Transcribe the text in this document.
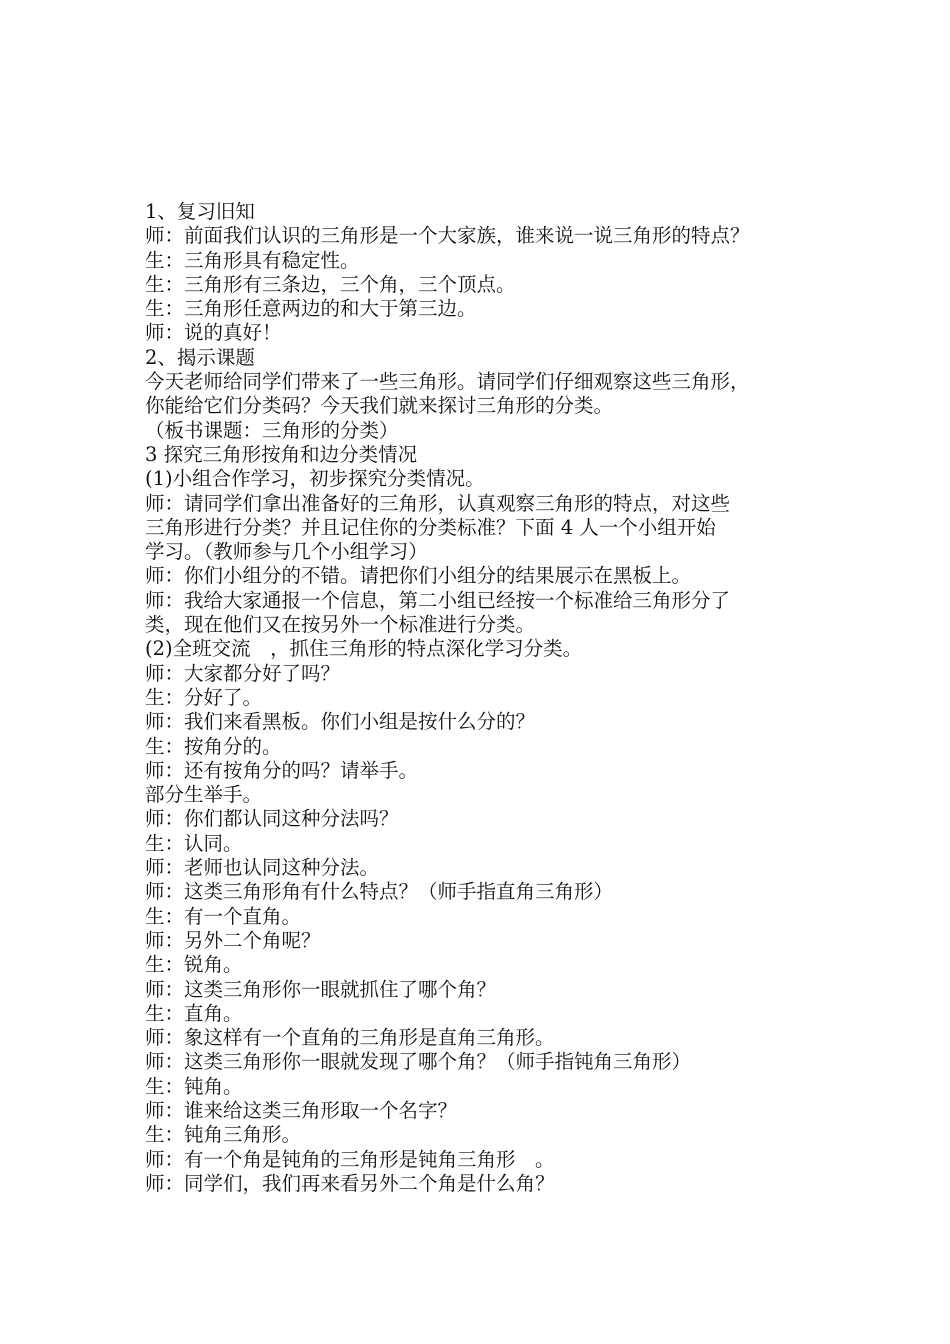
1、复习旧知
师：前面我们认识的三角形是一个大家族，谁来说一说三角形的特点？
生：三角形具有稳定性。
生：三角形有三条边，三个角，三个顶点。
生：三角形任意两边的和大于第三边。
师：说的真好！
2、揭示课题
今天老师给同学们带来了一些三角形。请同学们仔细观察这些三角形，
你能给它们分类码？今天我们就来探讨三角形的分类。
（板书课题：三角形的分类）
3 探究三角形按角和边分类情况
(1)小组合作学习，初步探究分类情况。
师：请同学们拿出准备好的三角形，认真观察三角形的特点，对这些
三角形进行分类？并且记住你的分类标准？下面 4 人一个小组开始
学习。（教师参与几个小组学习）
师：你们小组分的不错。请把你们小组分的结果展示在黑板上。
师：我给大家通报一个信息，第二小组已经按一个标准给三角形分了
类，现在他们又在按另外一个标准进行分类。
(2)全班交流　，抓住三角形的特点深化学习分类。
师：大家都分好了吗？
生：分好了。
师：我们来看黑板。你们小组是按什么分的？
生：按角分的。
师：还有按角分的吗？请举手。
部分生举手。
师：你们都认同这种分法吗？
生：认同。
师：老师也认同这种分法。
师：这类三角形角有什么特点？（师手指直角三角形）
生：有一个直角。
师：另外二个角呢？
生：锐角。
师：这类三角形你一眼就抓住了哪个角？
生：直角。
师：象这样有一个直角的三角形是直角三角形。
师：这类三角形你一眼就发现了哪个角？（师手指钝角三角形）
生：钝角。
师：谁来给这类三角形取一个名字？
生：钝角三角形。
师：有一个角是钝角的三角形是钝角三角形　。
师：同学们，我们再来看另外二个角是什么角？
